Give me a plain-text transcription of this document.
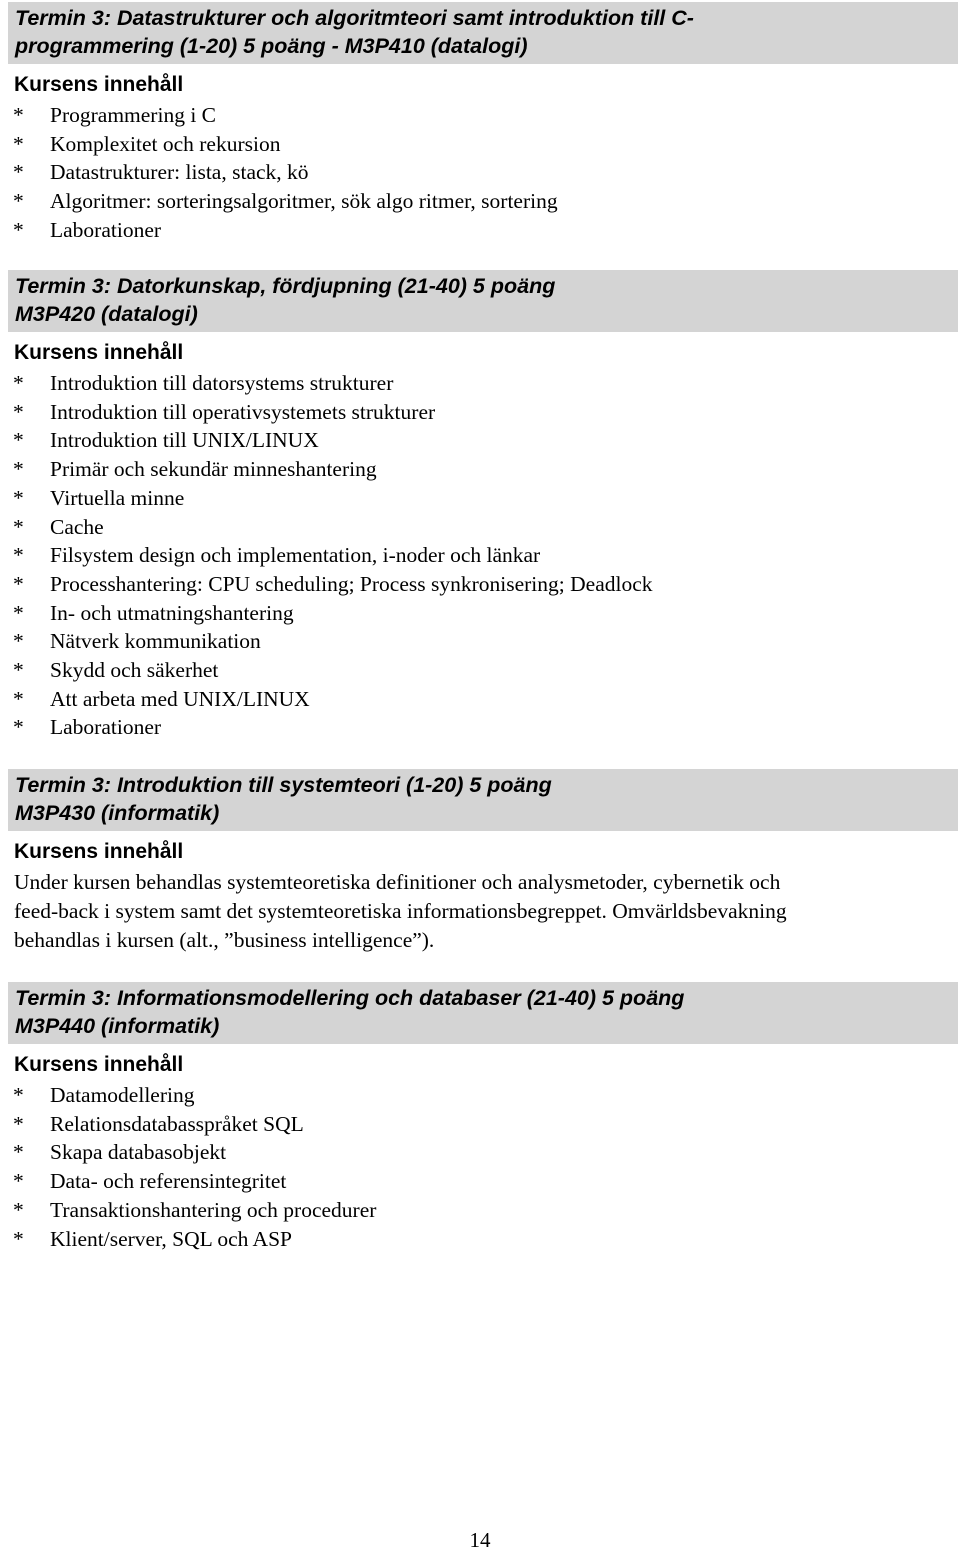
Termin 3: Datastrukturer och algoritmteori samt introduktion till C-
programmering (1-20) 5 poäng - M3P410 (datalogi)
Kursens innehåll
* Programmering i C
* Komplexitet och rekursion
* Datastrukturer: lista, stack, kö
* Algoritmer: sorteringsalgoritmer, sök algo ritmer, sortering
* Laborationer
Termin 3: Datorkunskap, fördjupning (21-40) 5 poäng
M3P420 (datalogi)
Kursens innehåll
* Introduktion till datorsystems strukturer
* Introduktion till operativsystemets strukturer
* Introduktion till UNIX/LINUX
* Primär och sekundär minneshantering
* Virtuella minne
* Cache
* Filsystem design och implementation, i-noder och länkar
* Processhantering: CPU scheduling; Process synkronisering; Deadlock
* In- och utmatningshantering
* Nätverk kommunikation
* Skydd och säkerhet
* Att arbeta med UNIX/LINUX
* Laborationer
Termin 3: Introduktion till systemteori (1-20) 5 poäng
M3P430 (informatik)
Kursens innehåll
Under kursen behandlas systemteoretiska definitioner och analysmetoder, cybernetik och
feed-back i system samt det systemteoretiska informationsbegreppet. Omvärldsbevakning
behandlas i kursen (alt., ”business intelligence”).
Termin 3: Informationsmodellering och databaser (21-40) 5 poäng
M3P440 (informatik)
Kursens innehåll
* Datamodellering
* Relationsdatabasspråket SQL
* Skapa databasobjekt
* Data- och referensintegritet
* Transaktionshantering och procedurer
* Klient/server, SQL och ASP
14
